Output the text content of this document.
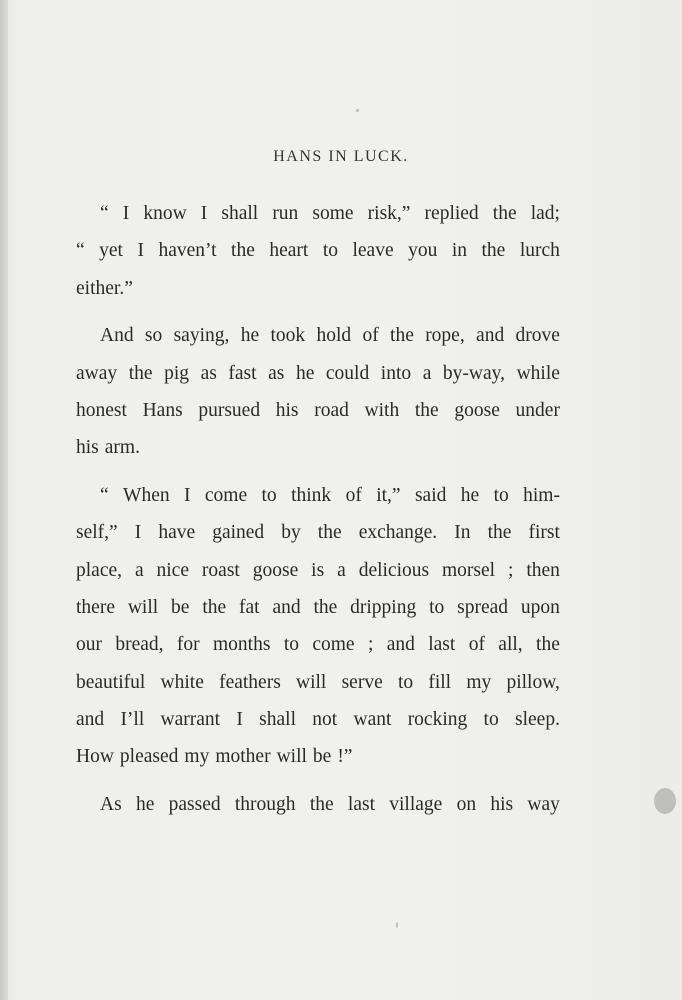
HANS IN LUCK.
“ I know I shall run some risk,” replied the lad;
“ yet I haven’t the heart to leave you in the lurch
either.”
And so saying, he took hold of the rope, and drove
away the pig as fast as he could into a by-way, while
honest Hans pursued his road with the goose under
his arm.
“ When I come to think of it,” said he to him-
self,” I have gained by the exchange. In the first
place, a nice roast goose is a delicious morsel ; then
there will be the fat and the dripping to spread upon
our bread, for months to come ; and last of all, the
beautiful white feathers will serve to fill my pillow,
and I’ll warrant I shall not want rocking to sleep.
How pleased my mother will be !”
As he passed through the last village on his way
